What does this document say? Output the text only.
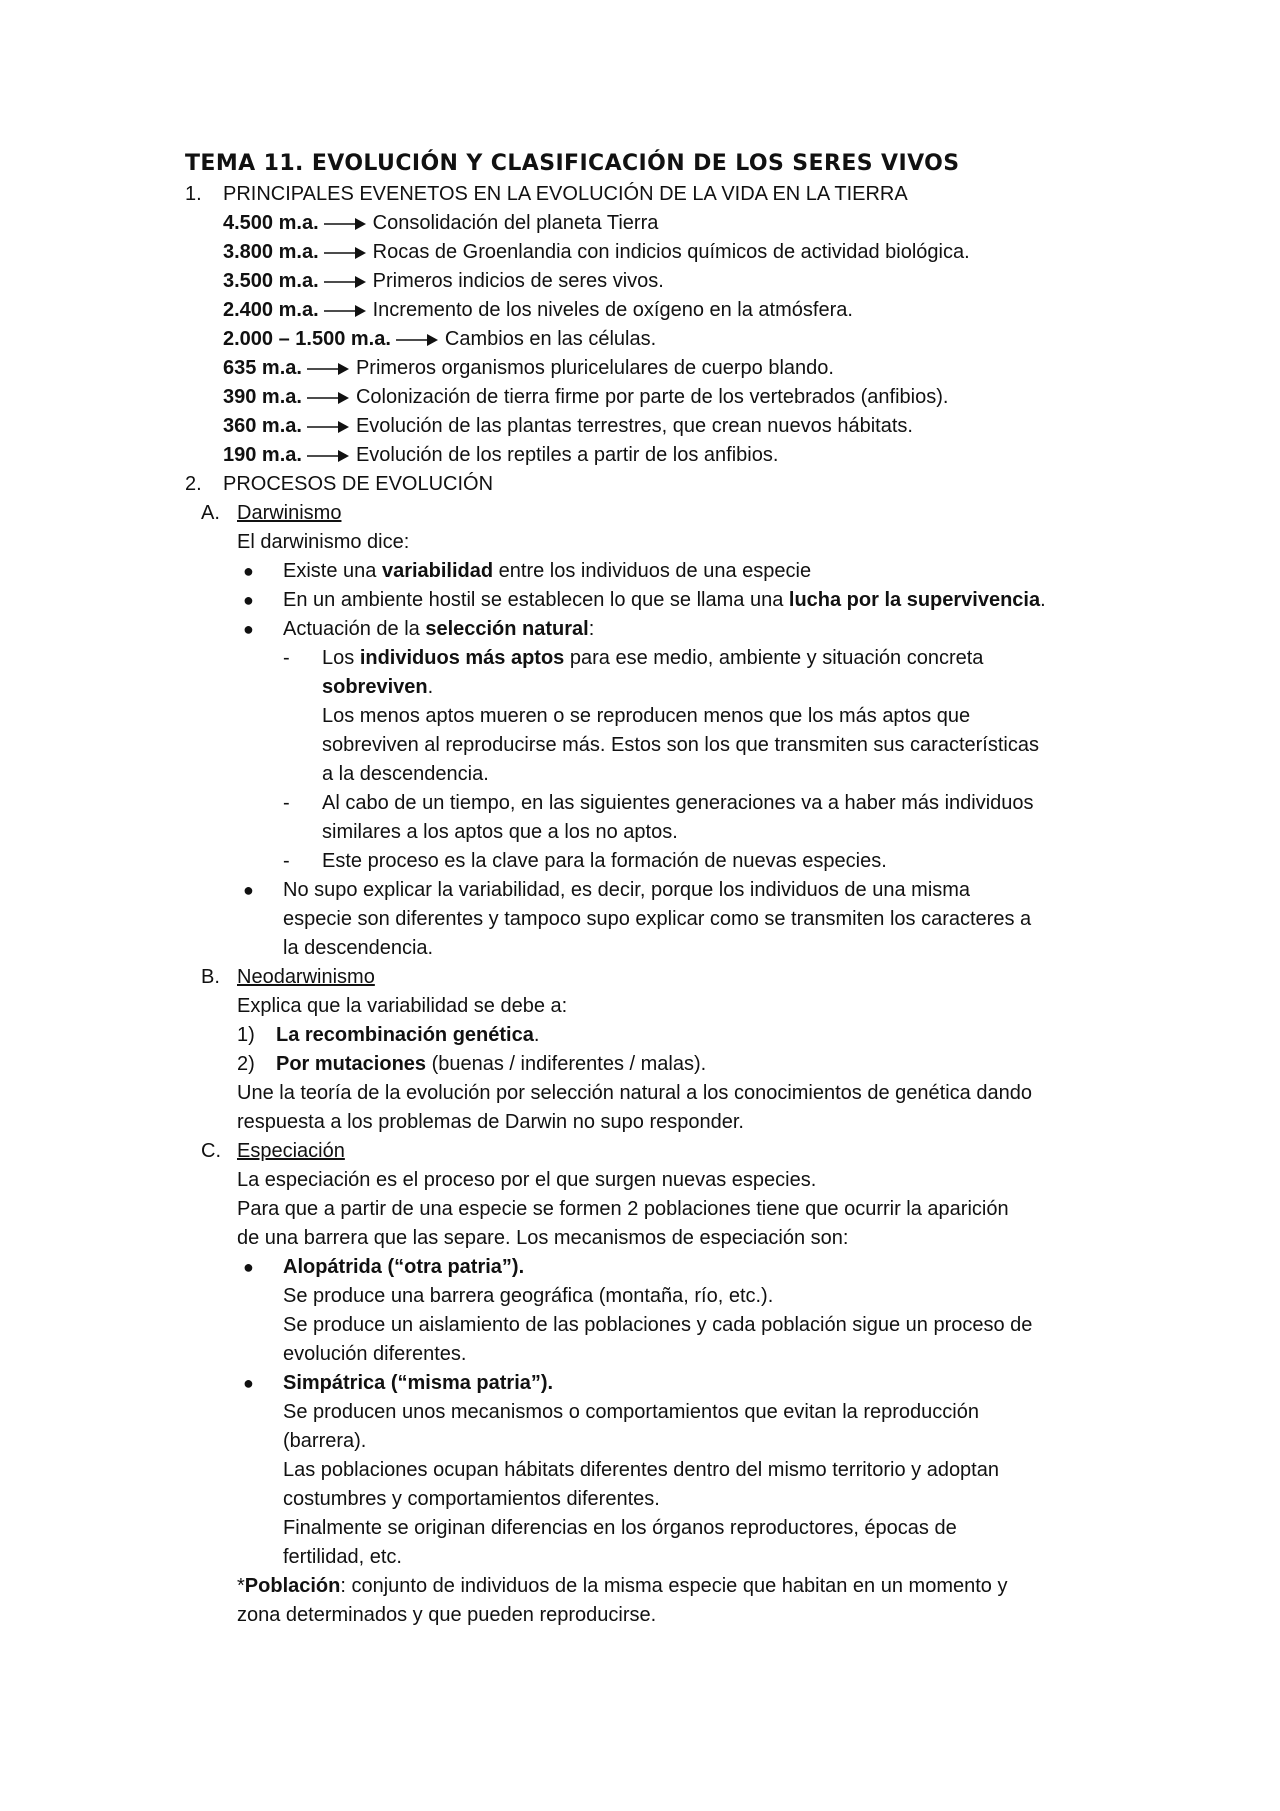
TEMA 11. EVOLUCIÓN Y CLASIFICACIÓN DE LOS SERES VIVOS
1. PRINCIPALES EVENETOS EN LA EVOLUCIÓN DE LA VIDA EN LA TIERRA
4.500 m.a.	Consolidación del planeta Tierra
3.800 m.a.	Rocas de Groenlandia con indicios químicos de actividad biológica.
3.500 m.a.	Primeros indicios de seres vivos.
2.400 m.a.	Incremento de los niveles de oxígeno en la atmósfera.
2.000 – 1.500 m.a.	Cambios en las células.
635 m.a.	Primeros organismos pluricelulares de cuerpo blando.
390 m.a.	Colonización de tierra firme por parte de los vertebrados (anfibios).
360 m.a.	Evolución de las plantas terrestres, que crean nuevos hábitats.
190 m.a.	Evolución de los reptiles a partir de los anfibios.
2. PROCESOS DE EVOLUCIÓN
A. Darwinismo
El darwinismo dice:
● Existe una variabilidad entre los individuos de una especie
● En un ambiente hostil se establecen lo que se llama una lucha por la supervivencia.
● Actuación de la selección natural:
- Los individuos más aptos para ese medio, ambiente y situación concreta
sobreviven.
Los menos aptos mueren o se reproducen menos que los más aptos que
sobreviven al reproducirse más. Estos son los que transmiten sus características
a la descendencia.
- Al cabo de un tiempo, en las siguientes generaciones va a haber más individuos
similares a los aptos que a los no aptos.
- Este proceso es la clave para la formación de nuevas especies.
● No supo explicar la variabilidad, es decir, porque los individuos de una misma
especie son diferentes y tampoco supo explicar como se transmiten los caracteres a
la descendencia.
B. Neodarwinismo
Explica que la variabilidad se debe a:
1) La recombinación genética.
2) Por mutaciones (buenas / indiferentes / malas).
Une la teoría de la evolución por selección natural a los conocimientos de genética dando
respuesta a los problemas de Darwin no supo responder.
C. Especiación
La especiación es el proceso por el que surgen nuevas especies.
Para que a partir de una especie se formen 2 poblaciones tiene que ocurrir la aparición
de una barrera que las separe. Los mecanismos de especiación son:
● Alopátrida (“otra patria”).
Se produce una barrera geográfica (montaña, río, etc.).
Se produce un aislamiento de las poblaciones y cada población sigue un proceso de
evolución diferentes.
● Simpátrica (“misma patria”).
Se producen unos mecanismos o comportamientos que evitan la reproducción
(barrera).
Las poblaciones ocupan hábitats diferentes dentro del mismo territorio y adoptan
costumbres y comportamientos diferentes.
Finalmente se originan diferencias en los órganos reproductores, épocas de
fertilidad, etc.
*Población: conjunto de individuos de la misma especie que habitan en un momento y
zona determinados y que pueden reproducirse.
